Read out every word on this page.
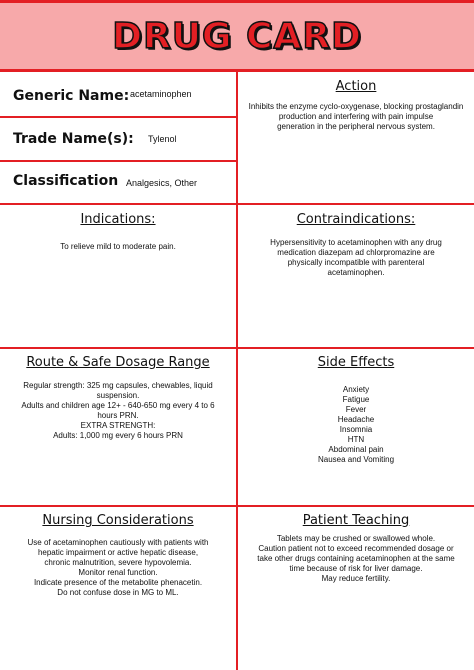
DRUG CARD
Generic Name: acetaminophen
Trade Name(s): Tylenol
Classification Analgesics, Other
Action
Inhibits the enzyme cyclo-oxygenase, blocking prostaglandin
production and interfering with pain impulse
generation in the peripheral nervous system.
Indications:
To relieve mild to moderate pain.
Contraindications:
Hypersensitivity to acetaminophen with any drug
medication diazepam ad chlorpromazine are
physically incompatible with parenteral
acetaminophen.
Route & Safe Dosage Range
Regular strength: 325 mg capsules, chewables, liquid
suspension.
Adults and children age 12+ - 640-650 mg every 4 to 6
hours PRN.
EXTRA STRENGTH:
Adults: 1,000 mg every 6 hours PRN
Side Effects
Anxiety
Fatigue
Fever
Headache
Insomnia
HTN
Abdominal pain
Nausea and Vomiting
Nursing Considerations
Use of acetaminophen cautiously with patients with
hepatic impairment or active hepatic disease,
chronic malnutrition, severe hypovolemia.
Monitor renal function.
Indicate presence of the metabolite phenacetin.
Do not confuse dose in MG to ML.
Patient Teaching
Tablets may be crushed or swallowed whole.
Caution patient not to exceed recommended dosage or
take other drugs containing acetaminophen at the same
time because of risk for liver damage.
May reduce fertility.
